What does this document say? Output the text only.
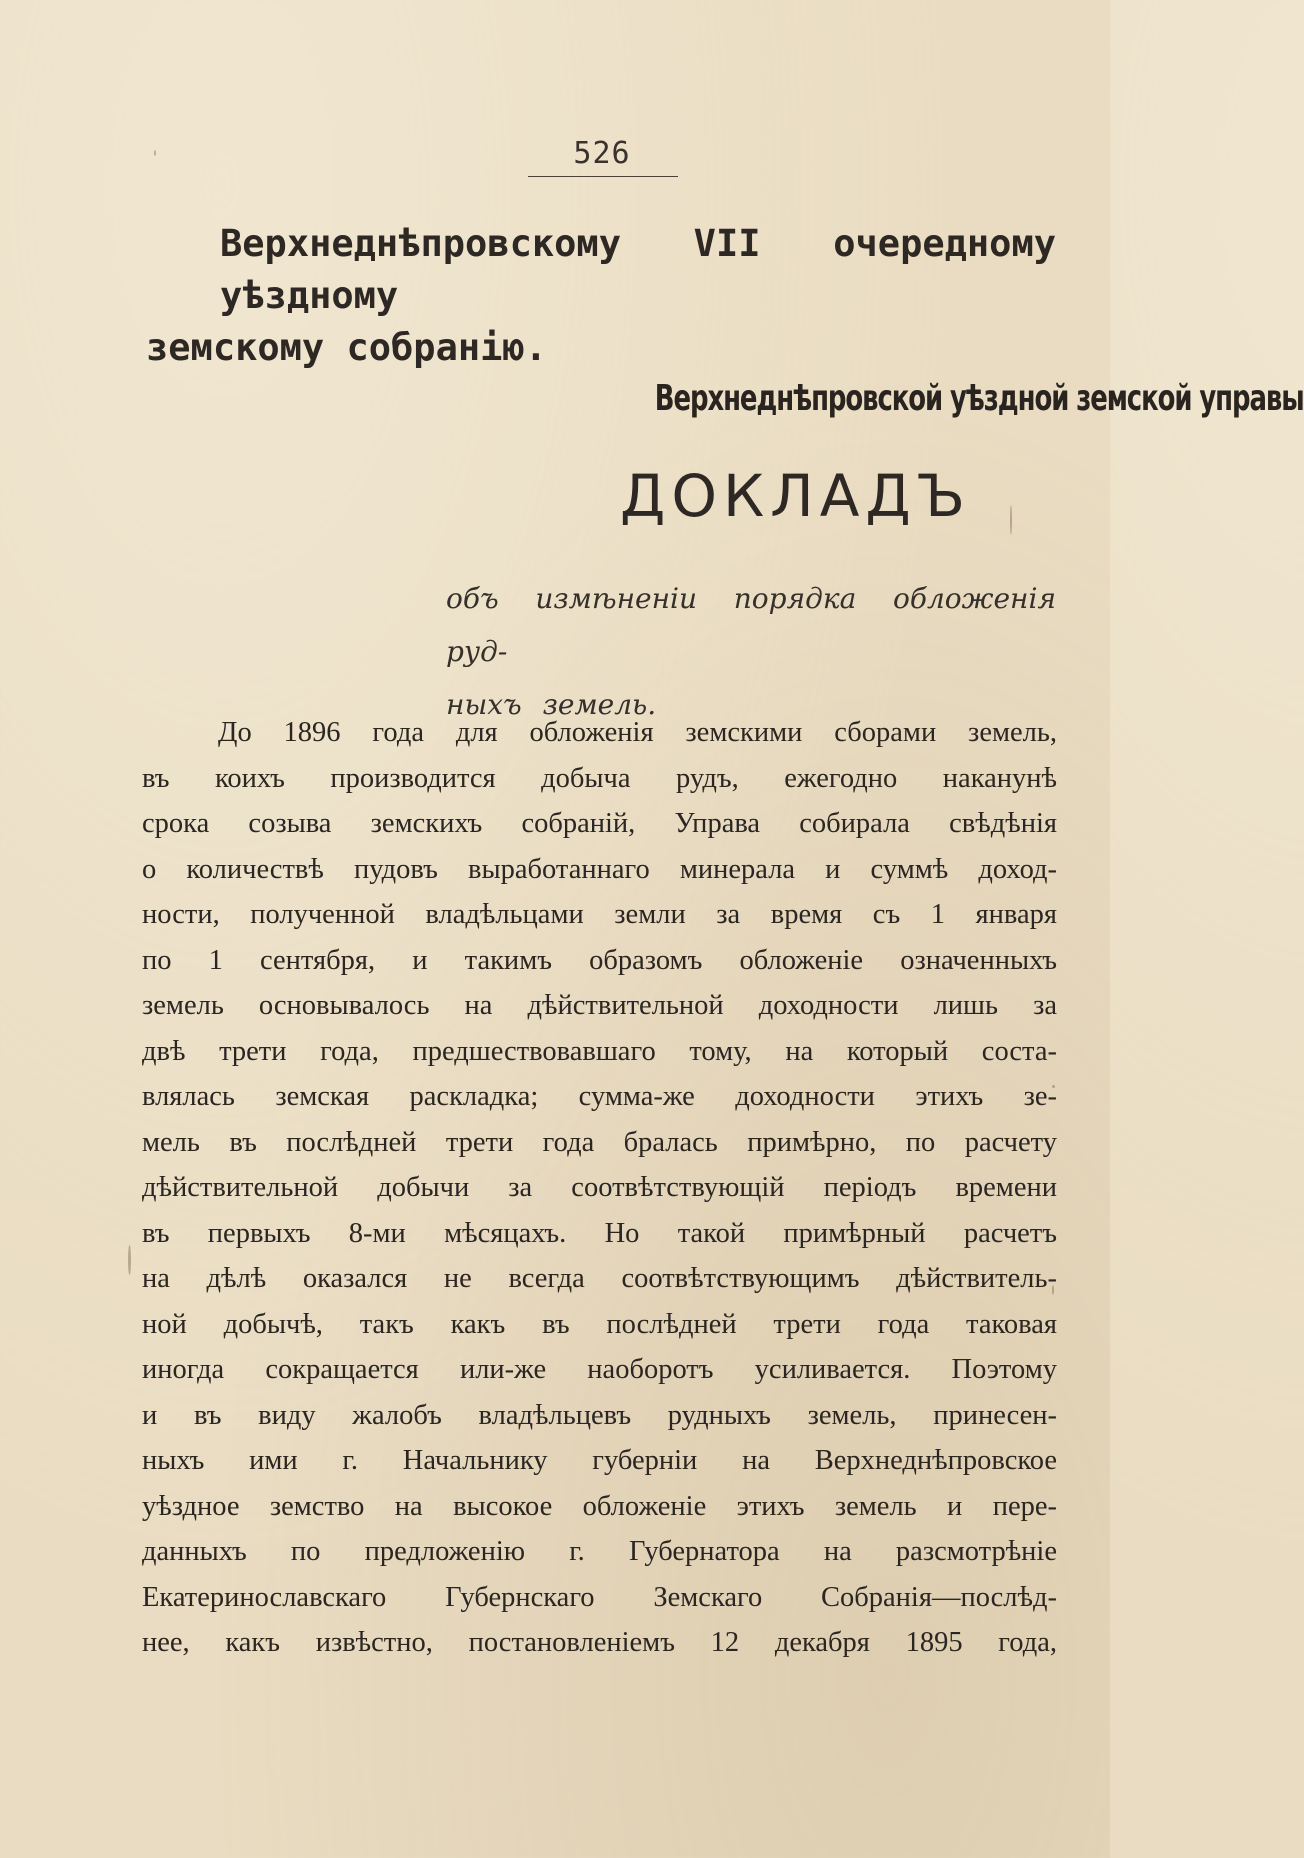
526
Верхнеднѣпровскому VII очередному уѣздному
земскому собранію.
Верхнеднѣпровской уѣздной земской управы
ДОКЛАДЪ
объ измѣненіи порядка обложенія руд-
ныхъ земель.
До 1896 года для обложенія земскими сборами земель,
въ коихъ производится добыча рудъ, ежегодно наканунѣ
срока созыва земскихъ собраній, Управа собирала свѣдѣнія
о количествѣ пудовъ выработаннаго минерала и суммѣ доход-
ности, полученной владѣльцами земли за время съ 1 января
по 1 сентября, и такимъ образомъ обложеніе означенныхъ
земель основывалось на дѣйствительной доходности лишь за
двѣ трети года, предшествовавшаго тому, на который соста-
влялась земская раскладка; сумма-же доходности этихъ зе-
мель въ послѣдней трети года бралась примѣрно, по расчету
дѣйствительной добычи за соотвѣтствующій періодъ времени
въ первыхъ 8-ми мѣсяцахъ. Но такой примѣрный расчетъ
на дѣлѣ оказался не всегда соотвѣтствующимъ дѣйствитель-
ной добычѣ, такъ какъ въ послѣдней трети года таковая
иногда сокращается или-же наоборотъ усиливается. Поэтому
и въ виду жалобъ владѣльцевъ рудныхъ земель, принесен-
ныхъ ими г. Начальнику губерніи на Верхнеднѣпровское
уѣздное земство на высокое обложеніе этихъ земель и пере-
данныхъ по предложенію г. Губернатора на разсмотрѣніе
Екатеринославскаго Губернскаго Земскаго Собранія—послѣд-
нее, какъ извѣстно, постановленіемъ 12 декабря 1895 года,
